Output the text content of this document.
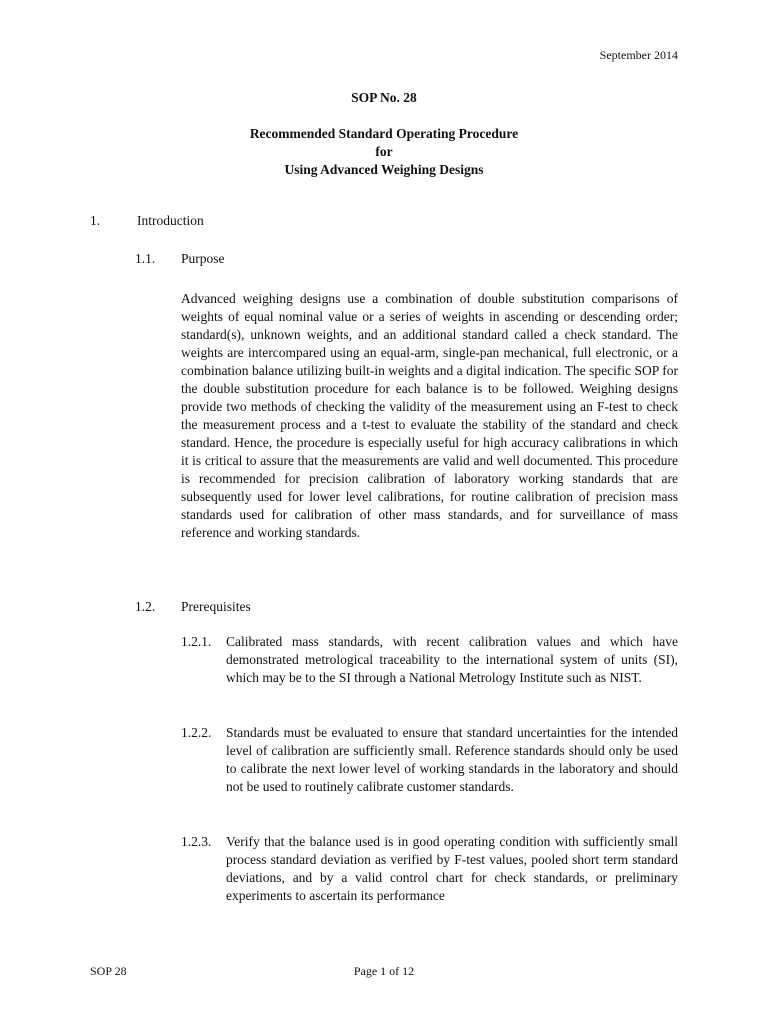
September 2014
SOP No. 28
Recommended Standard Operating Procedure
for
Using Advanced Weighing Designs
1.	Introduction
1.1. Purpose
Advanced weighing designs use a combination of double substitution comparisons of weights of equal nominal value or a series of weights in ascending or descending order; standard(s), unknown weights, and an additional standard called a check standard. The weights are intercompared using an equal-arm, single-pan mechanical, full electronic, or a combination balance utilizing built-in weights and a digital indication. The specific SOP for the double substitution procedure for each balance is to be followed. Weighing designs provide two methods of checking the validity of the measurement using an F-test to check the measurement process and a t-test to evaluate the stability of the standard and check standard. Hence, the procedure is especially useful for high accuracy calibrations in which it is critical to assure that the measurements are valid and well documented. This procedure is recommended for precision calibration of laboratory working standards that are subsequently used for lower level calibrations, for routine calibration of precision mass standards used for calibration of other mass standards, and for surveillance of mass reference and working standards.
1.2. Prerequisites
1.2.1. Calibrated mass standards, with recent calibration values and which have demonstrated metrological traceability to the international system of units (SI), which may be to the SI through a National Metrology Institute such as NIST.
1.2.2. Standards must be evaluated to ensure that standard uncertainties for the intended level of calibration are sufficiently small. Reference standards should only be used to calibrate the next lower level of working standards in the laboratory and should not be used to routinely calibrate customer standards.
1.2.3. Verify that the balance used is in good operating condition with sufficiently small process standard deviation as verified by F-test values, pooled short term standard deviations, and by a valid control chart for check standards, or preliminary experiments to ascertain its performance
SOP 28	Page 1 of 12
